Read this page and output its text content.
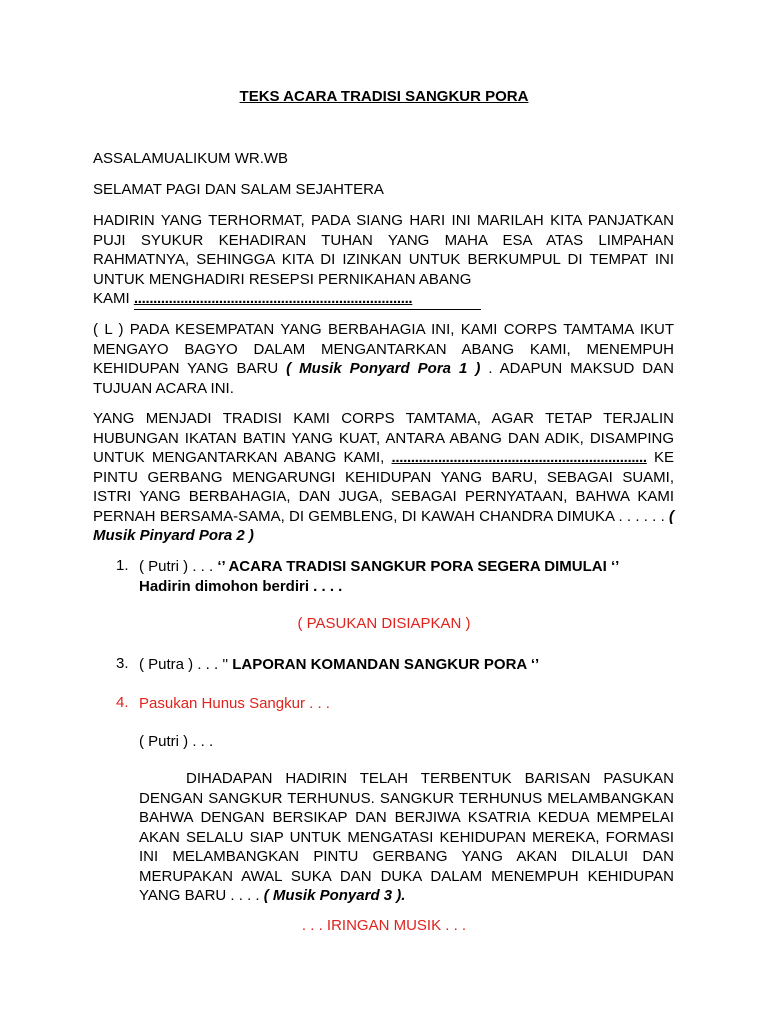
TEKS ACARA TRADISI SANGKUR PORA
ASSALAMUALIKUM WR.WB
SELAMAT PAGI DAN SALAM SEJAHTERA
HADIRIN YANG TERHORMAT, PADA SIANG HARI INI MARILAH KITA PANJATKAN PUJI SYUKUR KEHADIRAN TUHAN YANG MAHA ESA ATAS LIMPAHAN RAHMATNYA, SEHINGGA KITA DI IZINKAN UNTUK BERKUMPUL DI TEMPAT INI UNTUK MENGHADIRI RESEPSI PERNIKAHAN ABANG
KAMI ........................................................................
( L ) PADA KESEMPATAN YANG BERBAHAGIA INI, KAMI CORPS TAMTAMA IKUT MENGAYO BAGYO DALAM MENGANTARKAN ABANG KAMI, MENEMPUH KEHIDUPAN YANG BARU ( Musik Ponyard Pora 1 ) . ADAPUN MAKSUD DAN TUJUAN ACARA INI.
YANG MENJADI TRADISI KAMI CORPS TAMTAMA, AGAR TETAP TERJALIN HUBUNGAN IKATAN BATIN YANG KUAT, ANTARA ABANG DAN ADIK, DISAMPING UNTUK MENGANTARKAN ABANG KAMI, .................................................................. KE PINTU GERBANG MENGARUNGI KEHIDUPAN YANG BARU, SEBAGAI SUAMI, ISTRI YANG BERBAHAGIA, DAN JUGA, SEBAGAI PERNYATAAN, BAHWA KAMI PERNAH BERSAMA-SAMA, DI GEMBLENG, DI KAWAH CHANDRA DIMUKA . . . . . . ( Musik Pinyard Pora 2 )
1. ( Putri ) . . . ‘’ ACARA TRADISI SANGKUR PORA SEGERA DIMULAI ‘’
Hadirin dimohon berdiri . . . .
( PASUKAN DISIAPKAN )
3. ( Putra ) . . . '' LAPORAN KOMANDAN SANGKUR PORA ‘’
4. Pasukan Hunus Sangkur . . .
( Putri ) . . .
DIHADAPAN HADIRIN TELAH TERBENTUK BARISAN PASUKAN DENGAN SANGKUR TERHUNUS. SANGKUR TERHUNUS MELAMBANGKAN BAHWA DENGAN BERSIKAP DAN BERJIWA KSATRIA KEDUA MEMPELAI AKAN SELALU SIAP UNTUK MENGATASI KEHIDUPAN MEREKA, FORMASI INI MELAMBANGKAN PINTU GERBANG YANG AKAN DILALUI DAN MERUPAKAN AWAL SUKA DAN DUKA DALAM MENEMPUH KEHIDUPAN YANG BARU . . . . ( Musik Ponyard 3 ).
. . . IRINGAN MUSIK . . .
